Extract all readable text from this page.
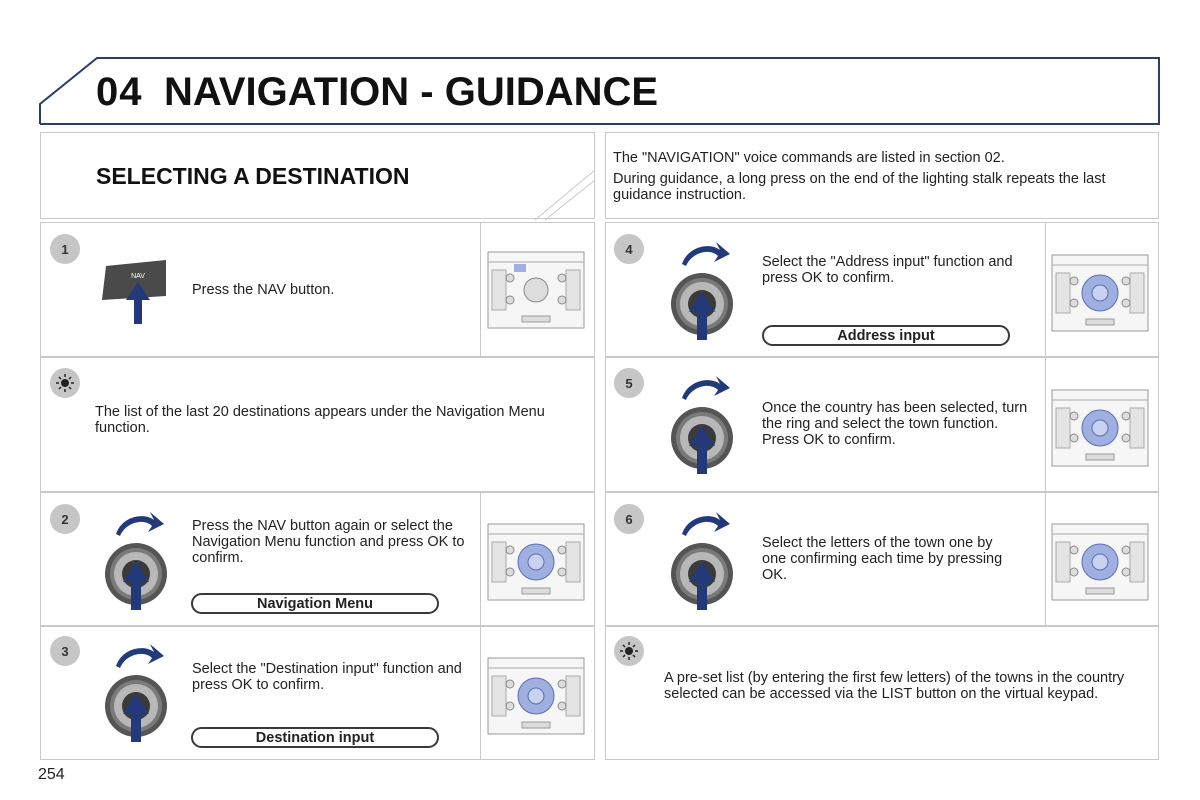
04 NAVIGATION - GUIDANCE
SELECTING A DESTINATION

The "NAVIGATION" voice commands are listed in section 02.

During guidance, a long press on the end of the lighting stalk repeats the last guidance instruction.

1
NAV
Press the NAV button.
The list of the last 20 destinations appears under the Navigation Menu function.
2	Press the NAV button again or select the Navigation Menu function and press OK to confirm.
Navigation Menu
3
Select the "Destination input" function and press OK to confirm.
Destination input
4
Select the "Address input" function and press OK to confirm.
Address input
5
Once the country has been selected, turn the ring and select the town function. Press OK to confirm.
6
Select the letters of the town one by one confirming each time by pressing OK.
A pre-set list (by entering the first few letters) of the towns in the country selected can be accessed via the LIST button on the virtual keypad.
254
